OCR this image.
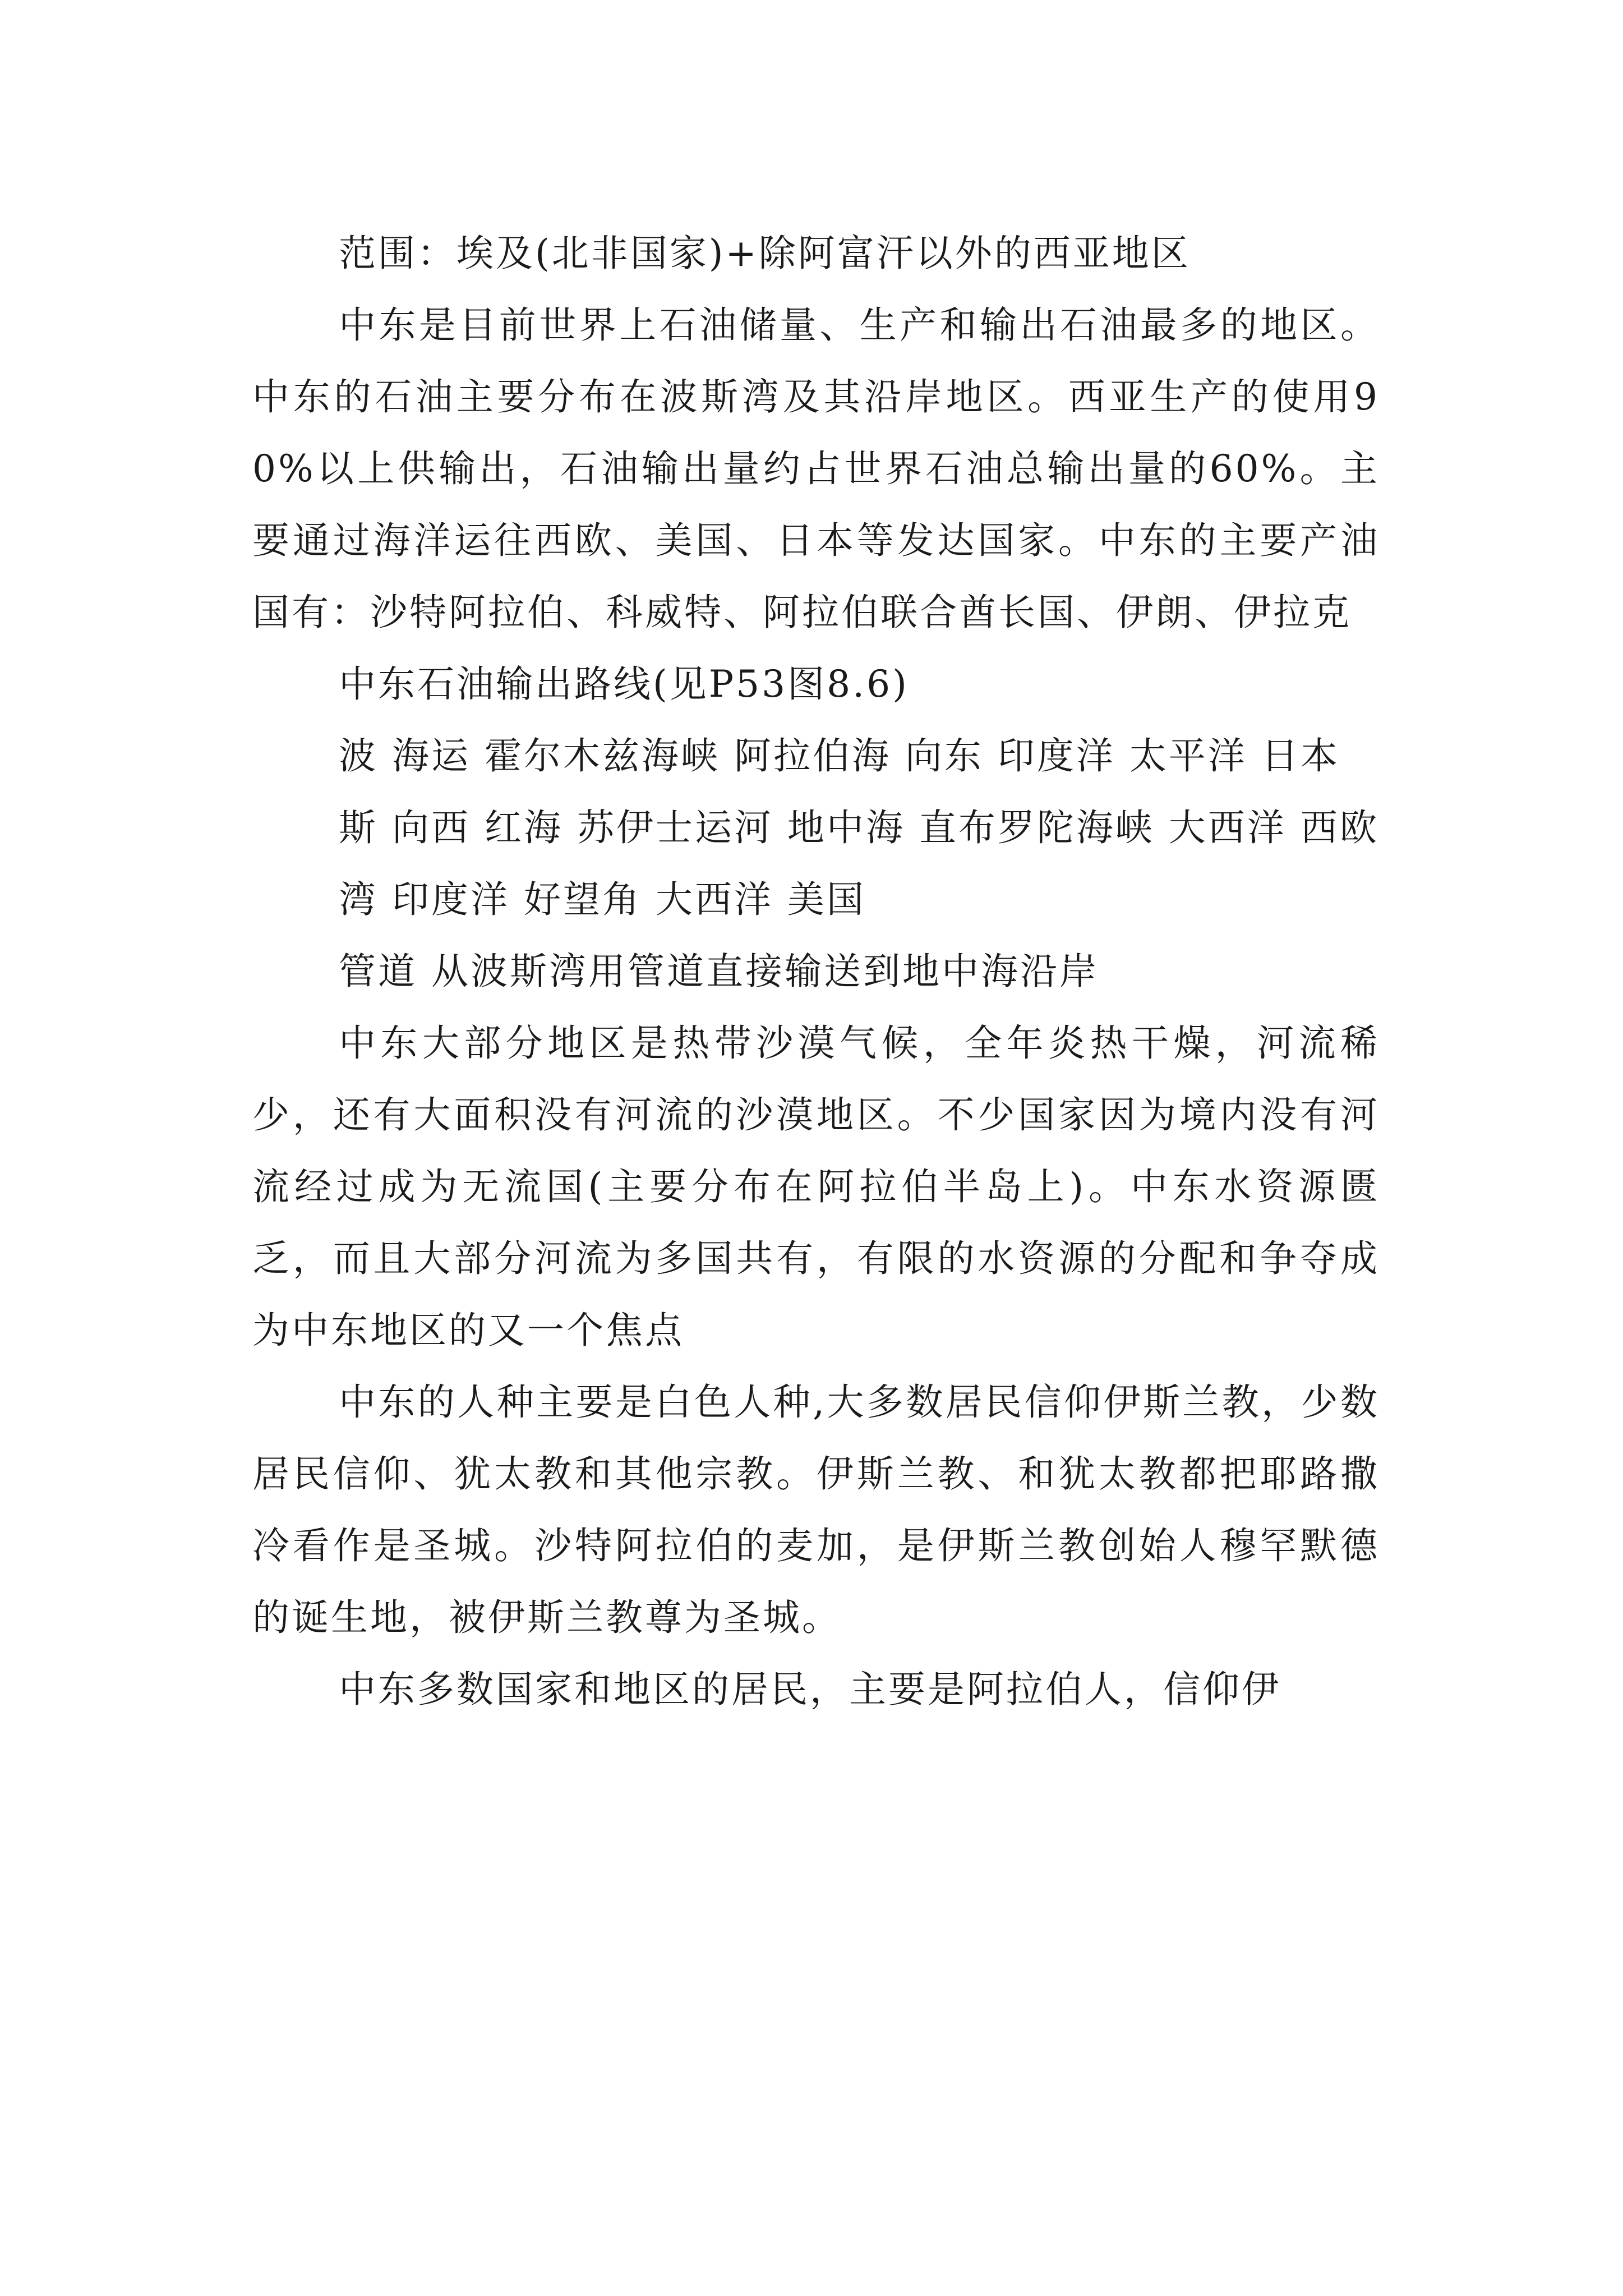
范围：埃及(北非国家)+除阿富汗以外的西亚地区

中东是目前世界上石油储量、生产和输出石油最多的地区。中东的石油主要分布在波斯湾及其沿岸地区。西亚生产的使用90%以上供输出，石油输出量约占世界石油总输出量的60%。主要通过海洋运往西欧、美国、日本等发达国家。中东的主要产油国有：沙特阿拉伯、科威特、阿拉伯联合酋长国、伊朗、伊拉克

中东石油输出路线(见P53图8.6)

波 海运 霍尔木兹海峡 阿拉伯海 向东 印度洋 太平洋 日本

斯 向西 红海 苏伊士运河 地中海 直布罗陀海峡 大西洋 西欧

湾 印度洋 好望角 大西洋 美国

管道 从波斯湾用管道直接输送到地中海沿岸

中东大部分地区是热带沙漠气候，全年炎热干燥，河流稀少，还有大面积没有河流的沙漠地区。不少国家因为境内没有河流经过成为无流国(主要分布在阿拉伯半岛上)。中东水资源匮乏，而且大部分河流为多国共有，有限的水资源的分配和争夺成为中东地区的又一个焦点

中东的人种主要是白色人种,大多数居民信仰伊斯兰教，少数居民信仰、犹太教和其他宗教。伊斯兰教、和犹太教都把耶路撒冷看作是圣城。沙特阿拉伯的麦加，是伊斯兰教创始人穆罕默德的诞生地，被伊斯兰教尊为圣城。

中东多数国家和地区的居民，主要是阿拉伯人，信仰伊
